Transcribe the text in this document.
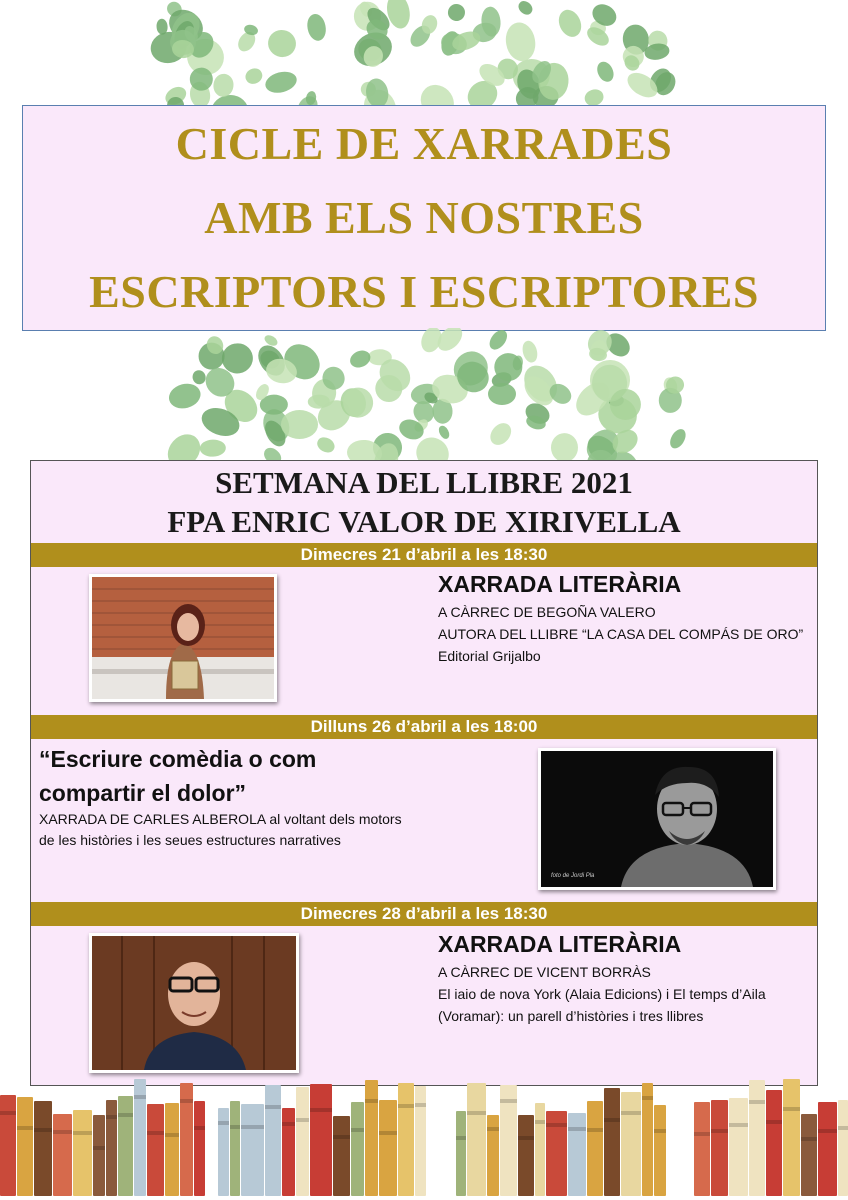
CICLE DE XARRADES
AMB ELS NOSTRES
ESCRIPTORS I ESCRIPTORES
SETMANA DEL LLIBRE 2021
FPA ENRIC VALOR DE XIRIVELLA
Dimecres 21 d’abril a les 18:30
XARRADA LITERÀRIA
A CÀRREC DE BEGOÑA VALERO
AUTORA DEL LLIBRE “LA CASA DEL COMPÁS DE ORO”
Editorial Grijalbo
Dilluns 26 d’abril a les 18:00
“Escriure comèdia o com
compartir el dolor”
XARRADA DE CARLES ALBEROLA al voltant dels motors
de les històries i les seues estructures narratives
foto de Jordi Pla
Dimecres 28 d’abril a les 18:30
XARRADA LITERÀRIA
A CÀRREC DE VICENT BORRÀS
El iaio de nova York (Alaia Edicions) i El temps d’Aila
(Voramar): un parell d’històries i tres llibres
